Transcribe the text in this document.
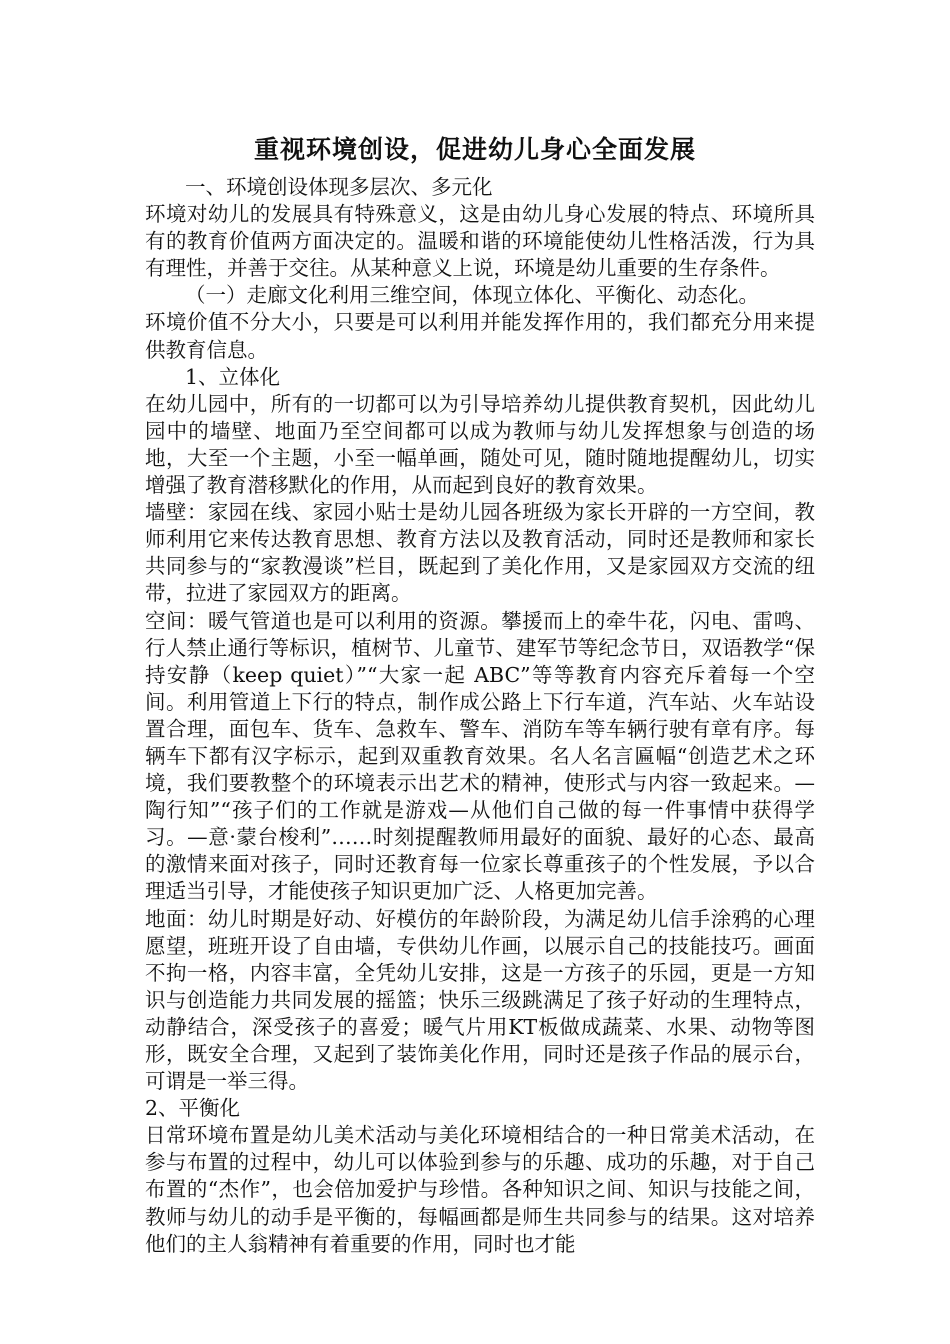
重视环境创设，促进幼儿身心全面发展

一、环境创设体现多层次、多元化

环境对幼儿的发展具有特殊意义，这是由幼儿身心发展的特点、环境所具有的教育价值两方面决定的。温暖和谐的环境能使幼儿性格活泼，行为具有理性，并善于交往。从某种意义上说，环境是幼儿重要的生存条件。

（一）走廊文化利用三维空间，体现立体化、平衡化、动态化。

环境价值不分大小，只要是可以利用并能发挥作用的，我们都充分用来提供教育信息。

1、立体化

在幼儿园中，所有的一切都可以为引导培养幼儿提供教育契机，因此幼儿园中的墙壁、地面乃至空间都可以成为教师与幼儿发挥想象与创造的场地，大至一个主题，小至一幅单画，随处可见，随时随地提醒幼儿，切实增强了教育潜移默化的作用，从而起到良好的教育效果。

墙壁：家园在线、家园小贴士是幼儿园各班级为家长开辟的一方空间，教师利用它来传达教育思想、教育方法以及教育活动，同时还是教师和家长共同参与的“家教漫谈”栏目，既起到了美化作用，又是家园双方交流的纽带，拉进了家园双方的距离。

空间：暖气管道也是可以利用的资源。攀援而上的牵牛花，闪电、雷鸣、行人禁止通行等标识，植树节、儿童节、建军节等纪念节日，双语教学“保持安静（keep quiet）”“大家一起 ABC”等等教育内容充斥着每一个空间。利用管道上下行的特点，制作成公路上下行车道，汽车站、火车站设置合理，面包车、货车、急救车、警车、消防车等车辆行驶有章有序。每辆车下都有汉字标示，起到双重教育效果。名人名言匾幅“创造艺术之环境，我们要教整个的环境表示出艺术的精神，使形式与内容一致起来。—陶行知”“孩子们的工作就是游戏—从他们自己做的每一件事情中获得学习。—意·蒙台梭利”……时刻提醒教师用最好的面貌、最好的心态、最高的激情来面对孩子，同时还教育每一位家长尊重孩子的个性发展，予以合理适当引导，才能使孩子知识更加广泛、人格更加完善。

地面：幼儿时期是好动、好模仿的年龄阶段，为满足幼儿信手涂鸦的心理愿望，班班开设了自由墙，专供幼儿作画，以展示自己的技能技巧。画面不拘一格，内容丰富，全凭幼儿安排，这是一方孩子的乐园，更是一方知识与创造能力共同发展的摇篮；快乐三级跳满足了孩子好动的生理特点，动静结合，深受孩子的喜爱；暖气片用KT板做成蔬菜、水果、动物等图形，既安全合理，又起到了装饰美化作用，同时还是孩子作品的展示台，可谓是一举三得。

2、平衡化

日常环境布置是幼儿美术活动与美化环境相结合的一种日常美术活动，在参与布置的过程中，幼儿可以体验到参与的乐趣、成功的乐趣，对于自己布置的“杰作”，也会倍加爱护与珍惜。各种知识之间、知识与技能之间，教师与幼儿的动手是平衡的，每幅画都是师生共同参与的结果。这对培养他们的主人翁精神有着重要的作用，同时也才能
